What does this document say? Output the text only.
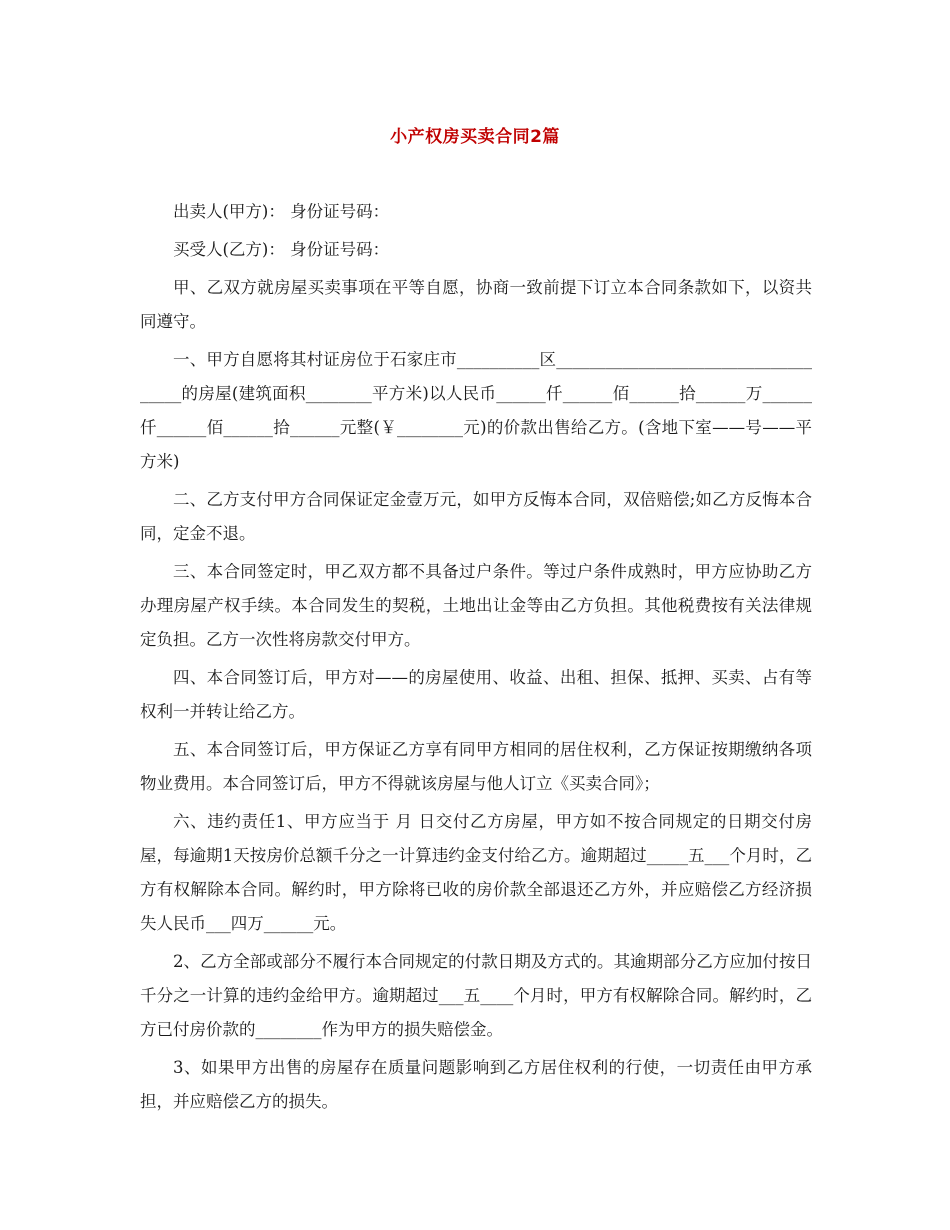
小产权房买卖合同2篇

出卖人(甲方)： 身份证号码：

买受人(乙方)： 身份证号码：

甲、乙双方就房屋买卖事项在平等自愿，协商一致前提下订立本合同条款如下，以资共同遵守。

一、甲方自愿将其村证房位于石家庄市__________区____________________________________的房屋(建筑面积________平方米)以人民币______仟______佰______拾______万______仟______佰______拾______元整(￥________元)的价款出售给乙方。(含地下室——号——平方米)

二、乙方支付甲方合同保证定金壹万元，如甲方反悔本合同，双倍赔偿;如乙方反悔本合同，定金不退。

三、本合同签定时，甲乙双方都不具备过户条件。等过户条件成熟时，甲方应协助乙方办理房屋产权手续。本合同发生的契税，土地出让金等由乙方负担。其他税费按有关法律规定负担。乙方一次性将房款交付甲方。

四、本合同签订后，甲方对——的房屋使用、收益、出租、担保、抵押、买卖、占有等权利一并转让给乙方。

五、本合同签订后，甲方保证乙方享有同甲方相同的居住权利，乙方保证按期缴纳各项物业费用。本合同签订后，甲方不得就该房屋与他人订立《买卖合同》；

六、违约责任1、甲方应当于 月 日交付乙方房屋，甲方如不按合同规定的日期交付房屋，每逾期1天按房价总额千分之一计算违约金支付给乙方。逾期超过_____五___个月时，乙方有权解除本合同。解约时，甲方除将已收的房价款全部退还乙方外，并应赔偿乙方经济损失人民币___四万______元。

2、乙方全部或部分不履行本合同规定的付款日期及方式的。其逾期部分乙方应加付按日千分之一计算的违约金给甲方。逾期超过___五____个月时，甲方有权解除合同。解约时，乙方已付房价款的________作为甲方的损失赔偿金。

3、如果甲方出售的房屋存在质量问题影响到乙方居住权利的行使，一切责任由甲方承担，并应赔偿乙方的损失。
